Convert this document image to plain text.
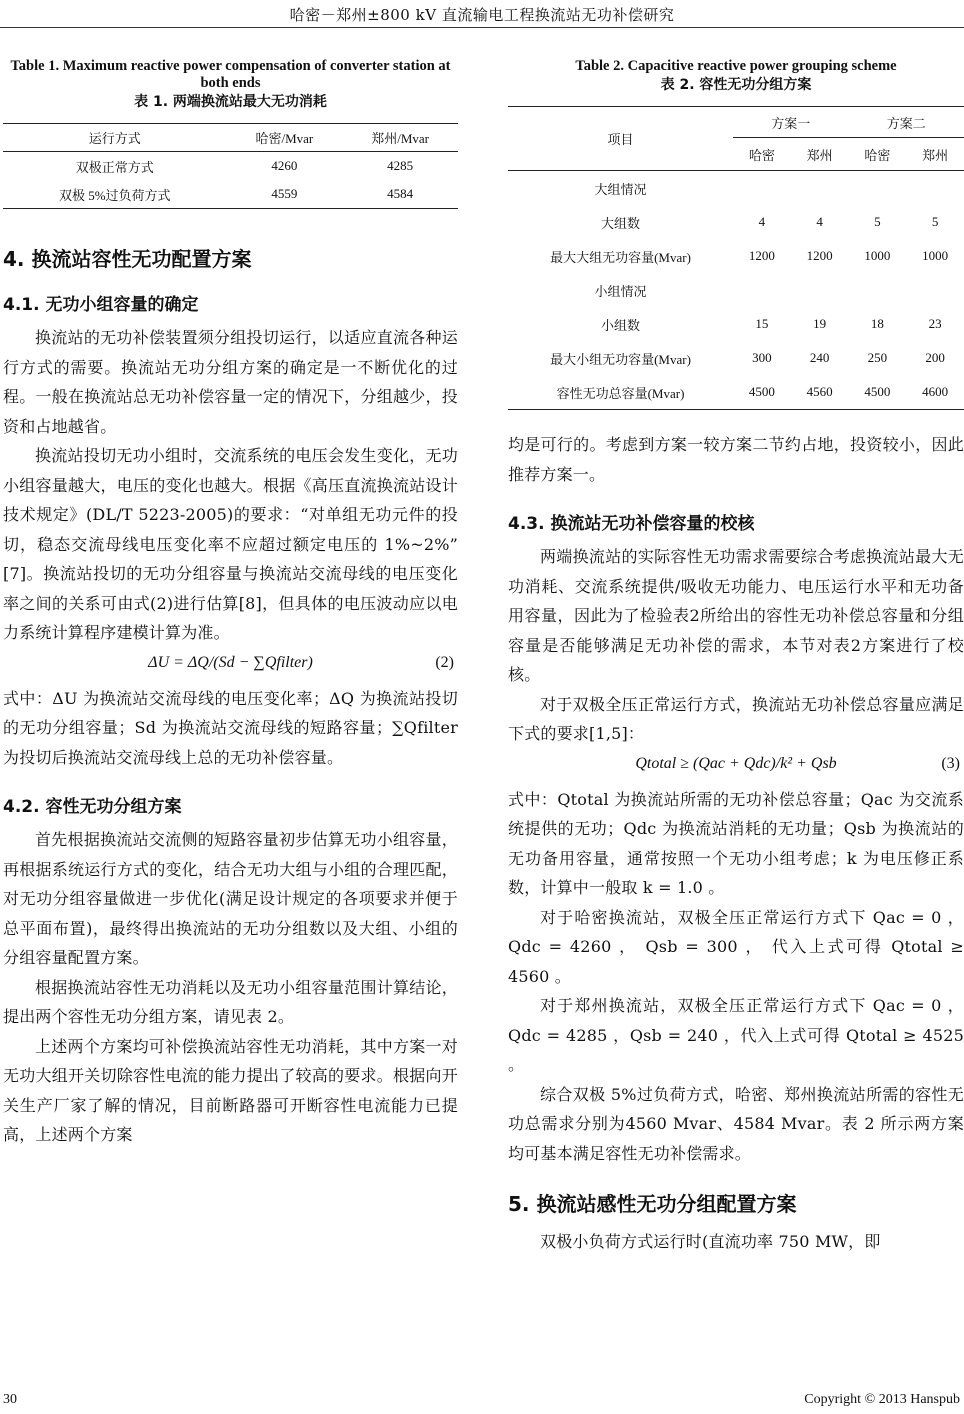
哈密－郑州±800 kV 直流输电工程换流站无功补偿研究
Table 1. Maximum reactive power compensation of converter station at both ends
表 1. 两端换流站最大无功消耗
运行方式	哈密/Mvar	郑州/Mvar
双极正常方式	4260	4285
双极 5%过负荷方式	4559	4584
4. 换流站容性无功配置方案
4.1. 无功小组容量的确定

换流站的无功补偿装置须分组投切运行，以适应直流各种运行方式的需要。换流站无功分组方案的确定是一不断优化的过程。一般在换流站总无功补偿容量一定的情况下，分组越少，投资和占地越省。

换流站投切无功小组时，交流系统的电压会发生变化，无功小组容量越大，电压的变化也越大。根据《高压直流换流站设计技术规定》(DL/T 5223-2005)的要求：“对单组无功元件的投切，稳态交流母线电压变化率不应超过额定电压的 1%~2%” [7]。换流站投切的无功分组容量与换流站交流母线的电压变化率之间的关系可由式(2)进行估算[8]，但具体的电压波动应以电力系统计算程序建模计算为准。

ΔU = ΔQ/(Sd − ∑Qfilter)	(2)

式中：ΔU 为换流站交流母线的电压变化率；ΔQ 为换流站投切的无功分组容量；Sd 为换流站交流母线的短路容量；∑Qfilter 为投切后换流站交流母线上总的无功补偿容量。

4.2. 容性无功分组方案

首先根据换流站交流侧的短路容量初步估算无功小组容量，再根据系统运行方式的变化，结合无功大组与小组的合理匹配，对无功分组容量做进一步优化(满足设计规定的各项要求并便于总平面布置)，最终得出换流站的无功分组数以及大组、小组的分组容量配置方案。

根据换流站容性无功消耗以及无功小组容量范围计算结论，提出两个容性无功分组方案，请见表 2。

上述两个方案均可补偿换流站容性无功消耗，其中方案一对无功大组开关切除容性电流的能力提出了较高的要求。根据向开关生产厂家了解的情况，目前断路器可开断容性电流能力已提高，上述两个方案

Table 2. Capacitive reactive power grouping scheme
表 2. 容性无功分组方案
项目	方案一		方案二	
	哈密	郑州	哈密	郑州
大组情况				
大组数	4	4	5	5
最大大组无功容量(Mvar)	1200	1200	1000	1000
小组情况				
小组数	15	19	18	23
最大小组无功容量(Mvar)	300	240	250	200
容性无功总容量(Mvar)	4500	4560	4500	4600

均是可行的。考虑到方案一较方案二节约占地，投资较小，因此推荐方案一。

4.3. 换流站无功补偿容量的校核

两端换流站的实际容性无功需求需要综合考虑换流站最大无功消耗、交流系统提供/吸收无功能力、电压运行水平和无功备用容量，因此为了检验表2所给出的容性无功补偿总容量和分组容量是否能够满足无功补偿的需求，本节对表2方案进行了校核。

对于双极全压正常运行方式，换流站无功补偿总容量应满足下式的要求[1,5]：

Qtotal ≥ (Qac + Qdc)/k² + Qsb	(3)

式中：Qtotal 为换流站所需的无功补偿总容量；Qac 为交流系统提供的无功；Qdc 为换流站消耗的无功量；Qsb 为换流站的无功备用容量，通常按照一个无功小组考虑；k 为电压修正系数，计算中一般取 k = 1.0 。

对于哈密换流站，双极全压正常运行方式下 Qac = 0 ， Qdc = 4260 ， Qsb = 300 ， 代入上式可得 Qtotal ≥ 4560 。

对于郑州换流站，双极全压正常运行方式下 Qac = 0 ，Qdc = 4285 ，Qsb = 240 ，代入上式可得 Qtotal ≥ 4525 。

综合双极 5%过负荷方式，哈密、郑州换流站所需的容性无功总需求分别为4560 Mvar、4584 Mvar。表 2 所示两方案均可基本满足容性无功补偿需求。

5. 换流站感性无功分组配置方案

双极小负荷方式运行时(直流功率 750 MW，即

30	Copyright © 2013 Hanspub
